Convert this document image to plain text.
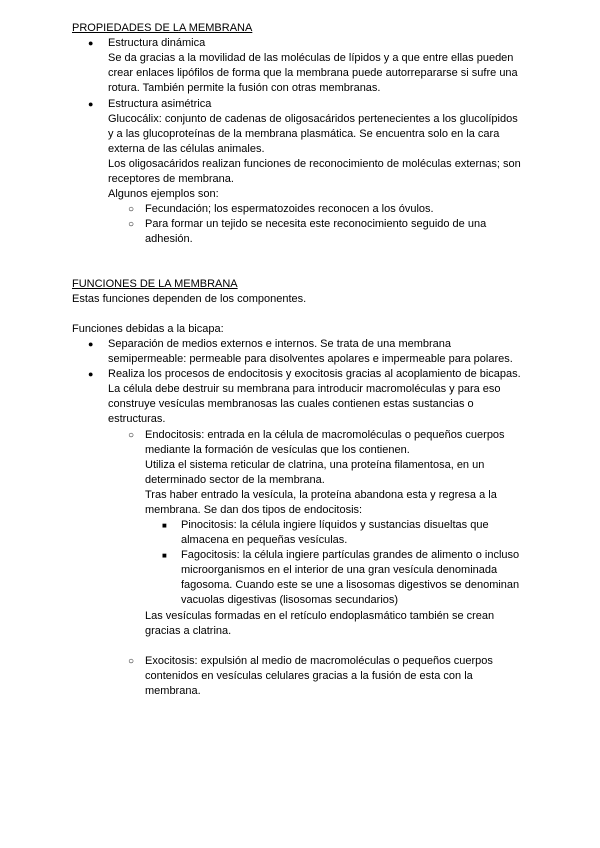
PROPIEDADES DE LA MEMBRANA
● Estructura dinámica
Se da gracias a la movilidad de las moléculas de lípidos y a que entre ellas pueden
crear enlaces lipófilos de forma que la membrana puede autorrepararse si sufre una
rotura. También permite la fusión con otras membranas.
● Estructura asimétrica
Glucocálix: conjunto de cadenas de oligosacáridos pertenecientes a los glucolípidos
y a las glucoproteínas de la membrana plasmática. Se encuentra solo en la cara
externa de las células animales.
Los oligosacáridos realizan funciones de reconocimiento de moléculas externas; son
receptores de membrana.
Algunos ejemplos son:
○ Fecundación; los espermatozoides reconocen a los óvulos.
○ Para formar un tejido se necesita este reconocimiento seguido de una
adhesión.
FUNCIONES DE LA MEMBRANA
Estas funciones dependen de los componentes.
Funciones debidas a la bicapa:
● Separación de medios externos e internos. Se trata de una membrana
semipermeable: permeable para disolventes apolares e impermeable para polares.
● Realiza los procesos de endocitosis y exocitosis gracias al acoplamiento de bicapas.
La célula debe destruir su membrana para introducir macromoléculas y para eso
construye vesículas membranosas las cuales contienen estas sustancias o
estructuras.
○ Endocitosis: entrada en la célula de macromoléculas o pequeños cuerpos
mediante la formación de vesículas que los contienen.
Utiliza el sistema reticular de clatrina, una proteína filamentosa, en un
determinado sector de la membrana.
Tras haber entrado la vesícula, la proteína abandona esta y regresa a la
membrana. Se dan dos tipos de endocitosis:
■ Pinocitosis: la célula ingiere líquidos y sustancias disueltas que
almacena en pequeñas vesículas.
■ Fagocitosis: la célula ingiere partículas grandes de alimento o incluso
microorganismos en el interior de una gran vesícula denominada
fagosoma. Cuando este se une a lisosomas digestivos se denominan
vacuolas digestivas (lisosomas secundarios)
Las vesículas formadas en el retículo endoplasmático también se crean
gracias a clatrina.
○ Exocitosis: expulsión al medio de macromoléculas o pequeños cuerpos
contenidos en vesículas celulares gracias a la fusión de esta con la
membrana.
